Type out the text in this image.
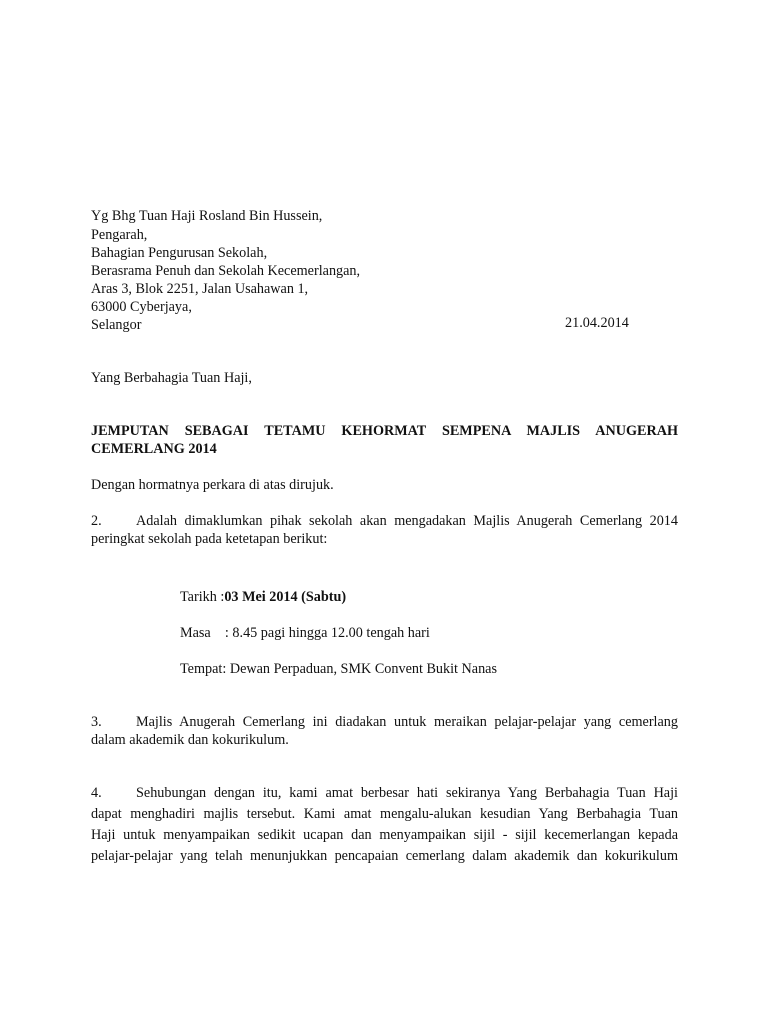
Yg Bhg Tuan Haji Rosland Bin Hussein,
Pengarah,
Bahagian Pengurusan Sekolah,
Berasrama Penuh dan Sekolah Kecemerlangan,
Aras 3, Blok 2251, Jalan Usahawan 1,
63000 Cyberjaya,
Selangor	21.04.2014
Yang Berbahagia Tuan Haji,
JEMPUTAN SEBAGAI TETAMU KEHORMAT SEMPENA MAJLIS ANUGERAH
CEMERLANG 2014
Dengan hormatnya perkara di atas dirujuk.
2. Adalah dimaklumkan pihak sekolah akan mengadakan Majlis Anugerah Cemerlang 2014
peringkat sekolah pada ketetapan berikut:
Tarikh :03 Mei 2014 (Sabtu)
Masa    : 8.45 pagi hingga 12.00 tengah hari
Tempat: Dewan Perpaduan, SMK Convent Bukit Nanas
3. Majlis Anugerah Cemerlang ini diadakan untuk meraikan pelajar-pelajar yang cemerlang
dalam akademik dan kokurikulum.
4. Sehubungan dengan itu, kami amat berbesar hati sekiranya Yang Berbahagia Tuan Haji
dapat menghadiri majlis tersebut. Kami amat mengalu-alukan kesudian Yang Berbahagia Tuan
Haji untuk menyampaikan sedikit ucapan dan menyampaikan sijil - sijil kecemerlangan kepada
pelajar-pelajar yang telah menunjukkan pencapaian cemerlang dalam akademik dan kokurikulum
